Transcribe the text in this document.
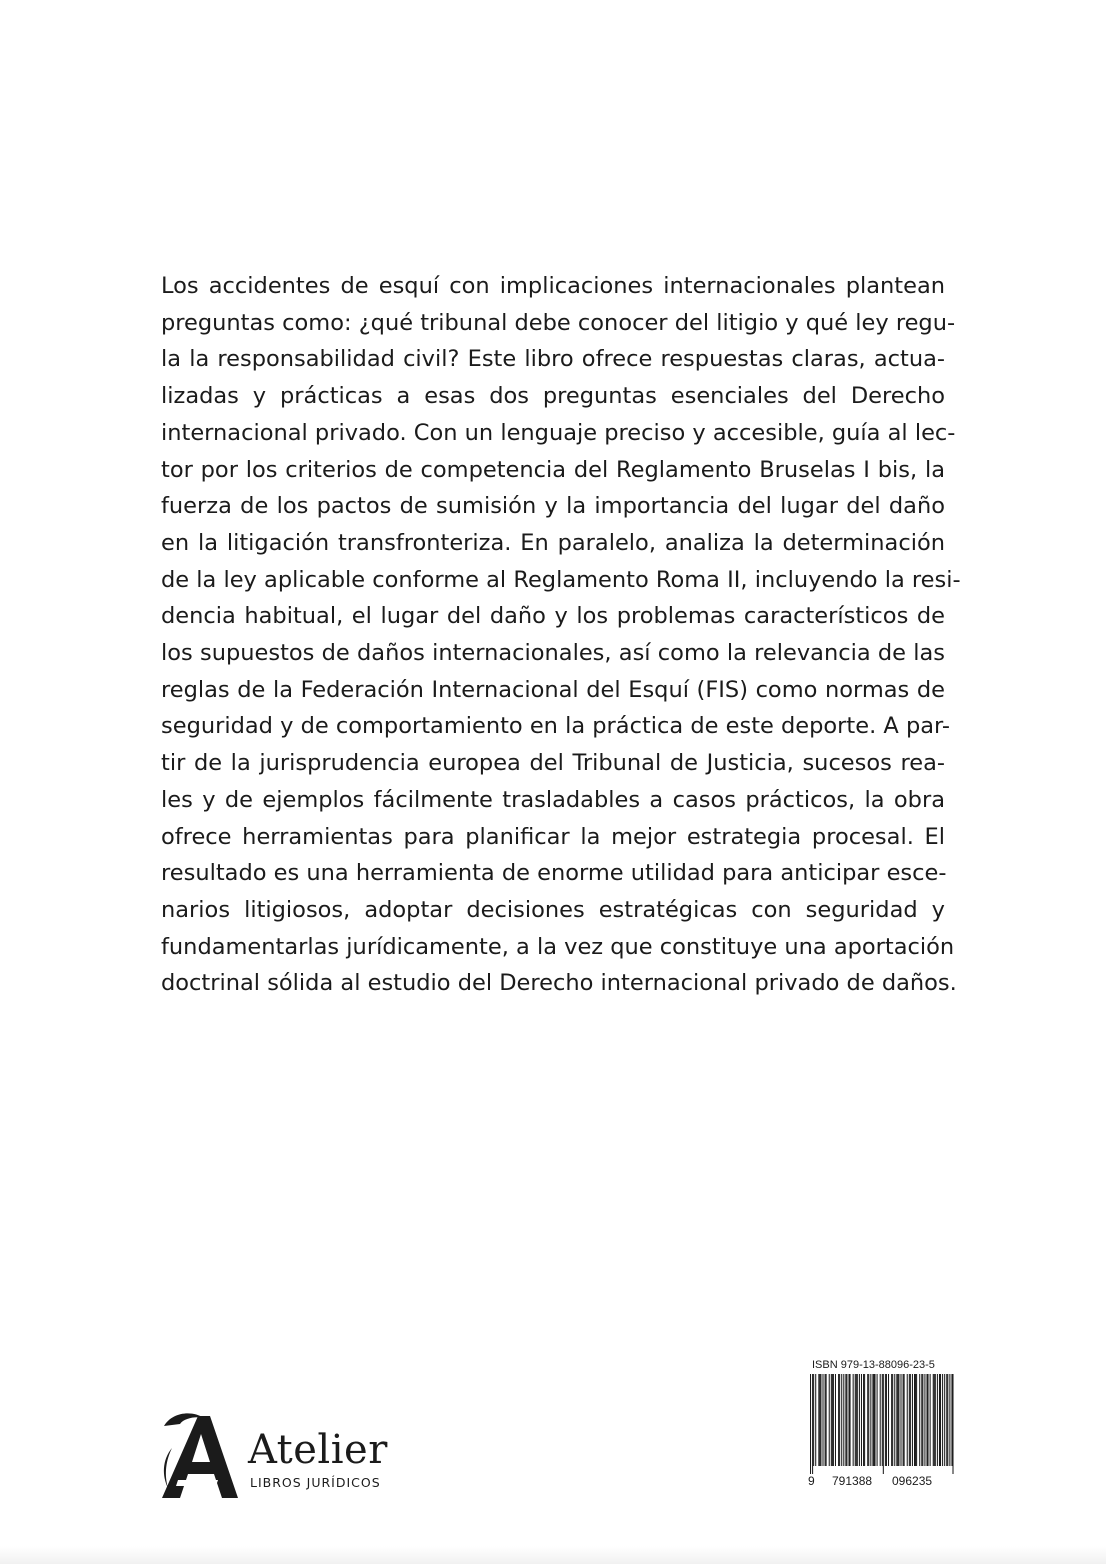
Los accidentes de esquí con implicaciones internacionales plantean
preguntas como: ¿qué tribunal debe conocer del litigio y qué ley regu-
la la responsabilidad civil? Este libro ofrece respuestas claras, actua-
lizadas y prácticas a esas dos preguntas esenciales del Derecho
internacional privado. Con un lenguaje preciso y accesible, guía al lec-
tor por los criterios de competencia del Reglamento Bruselas I bis, la
fuerza de los pactos de sumisión y la importancia del lugar del daño
en la litigación transfronteriza. En paralelo, analiza la determinación
de la ley aplicable conforme al Reglamento Roma II, incluyendo la resi-
dencia habitual, el lugar del daño y los problemas característicos de
los supuestos de daños internacionales, así como la relevancia de las
reglas de la Federación Internacional del Esquí (FIS) como normas de
seguridad y de comportamiento en la práctica de este deporte. A par-
tir de la jurisprudencia europea del Tribunal de Justicia, sucesos rea-
les y de ejemplos fácilmente trasladables a casos prácticos, la obra
ofrece herramientas para planificar la mejor estrategia procesal. El
resultado es una herramienta de enorme utilidad para anticipar esce-
narios litigiosos, adoptar decisiones estratégicas con seguridad y
fundamentarlas jurídicamente, a la vez que constituye una aportación
doctrinal sólida al estudio del Derecho internacional privado de daños.
Atelier
LIBROS JURÍDICOS
ISBN 979-13-88096-23-5
9 791388 096235
